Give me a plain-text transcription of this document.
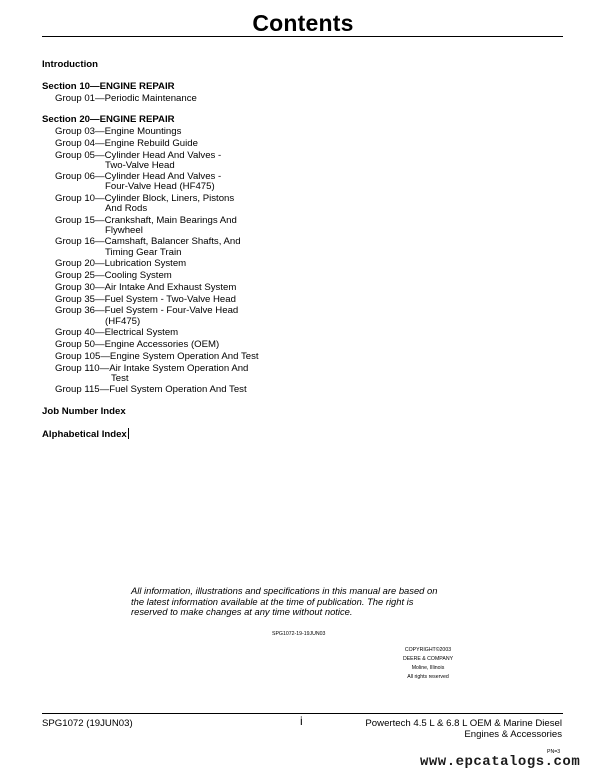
Contents
Introduction
Section 10—ENGINE REPAIR
Group 01—Periodic Maintenance
Section 20—ENGINE REPAIR
Group 03—Engine Mountings
Group 04—Engine Rebuild Guide
Group 05—Cylinder Head And Valves -
Two-Valve Head
Group 06—Cylinder Head And Valves -
Four-Valve Head (HF475)
Group 10—Cylinder Block, Liners, Pistons
And Rods
Group 15—Crankshaft, Main Bearings And
Flywheel
Group 16—Camshaft, Balancer Shafts, And
Timing Gear Train
Group 20—Lubrication System
Group 25—Cooling System
Group 30—Air Intake And Exhaust System
Group 35—Fuel System - Two-Valve Head
Group 36—Fuel System - Four-Valve Head
(HF475)
Group 40—Electrical System
Group 50—Engine Accessories (OEM)
Group 105—Engine System Operation And Test
Group 110—Air Intake System Operation And
Test
Group 115—Fuel System Operation And Test
Job Number Index
Alphabetical Index
All information, illustrations and specifications in this manual are based on
the latest information available at the time of publication. The right is
reserved to make changes at any time without notice.
SPG1072-19-19JUN03
COPYRIGHT©2003
DEERE & COMPANY
Moline, Illinois
All rights reserved
SPG1072 (19JUN03)	i	Powertech 4.5 L & 6.8 L OEM & Marine Diesel
Engines & Accessories
PN=3
www.epcatalogs.com
